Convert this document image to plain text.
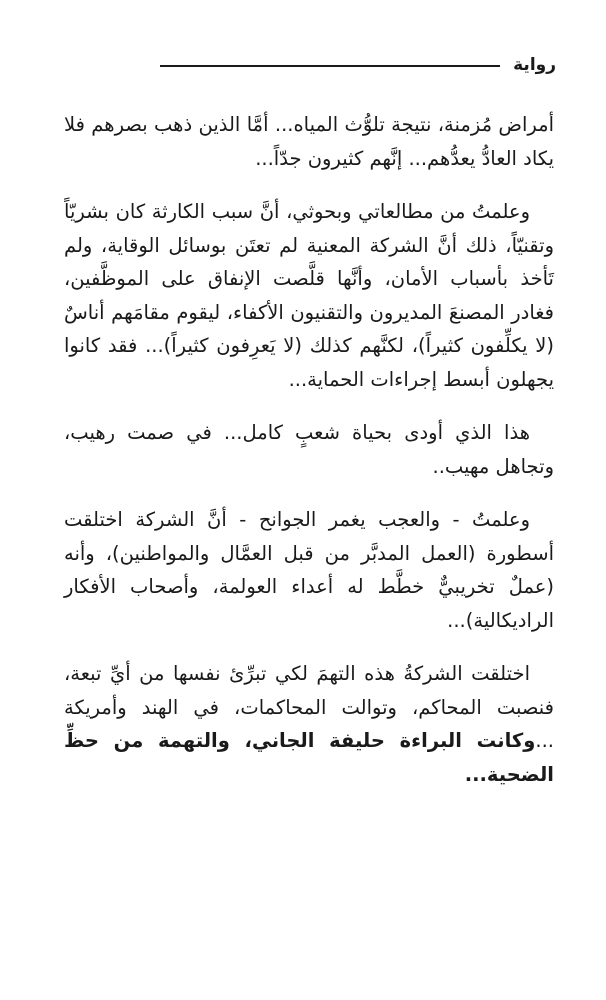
رواية

أمراض مُزمنة، نتيجة تلوُّث المياه... أمَّا الذين ذهب بصرهم فلا يكاد العادُّ يعدُّهم... إنَّهم كثيرون جدّاً...

وعلمتُ من مطالعاتي وبحوثي، أنَّ سبب الكارثة كان بشريّاً وتقنيّاً، ذلك أنَّ الشركة المعنية لم تعتَن بوسائل الوقاية، ولم تَأخذ بأسباب الأمان، وأنَّها قلَّصت الإنفاق على الموظَّفين، فغادر المصنعَ المديرون والتقنيون الأكفاء، ليقوم مقامَهم أناسٌ (لا يكلِّفون كثيراً)، لكنَّهم كذلك (لا يَعرِفون كثيراً)... فقد كانوا يجهلون أبسط إجراءات الحماية...

هذا الذي أودى بحياة شعبٍ كامل... في صمت رهيب، وتجاهل مهيب..

وعلمتُ - والعجب يغمر الجوانح - أنَّ الشركة اختلقت أسطورة (العمل المدبَّر من قبل العمَّال والمواطنين)، وأنه (عملٌ تخريبيٌّ خطَّط له أعداء العولمة، وأصحاب الأفكار الراديكالية)...

اختلقت الشركةُ هذه التهمَ لكي تبرِّئ نفسها من أيِّ تبعة، فنصبت المحاكم، وتوالت المحاكمات، في الهند وأمريكة ...وكانت البراءة حليفة الجاني، والتهمة من حظِّ الضحية...
